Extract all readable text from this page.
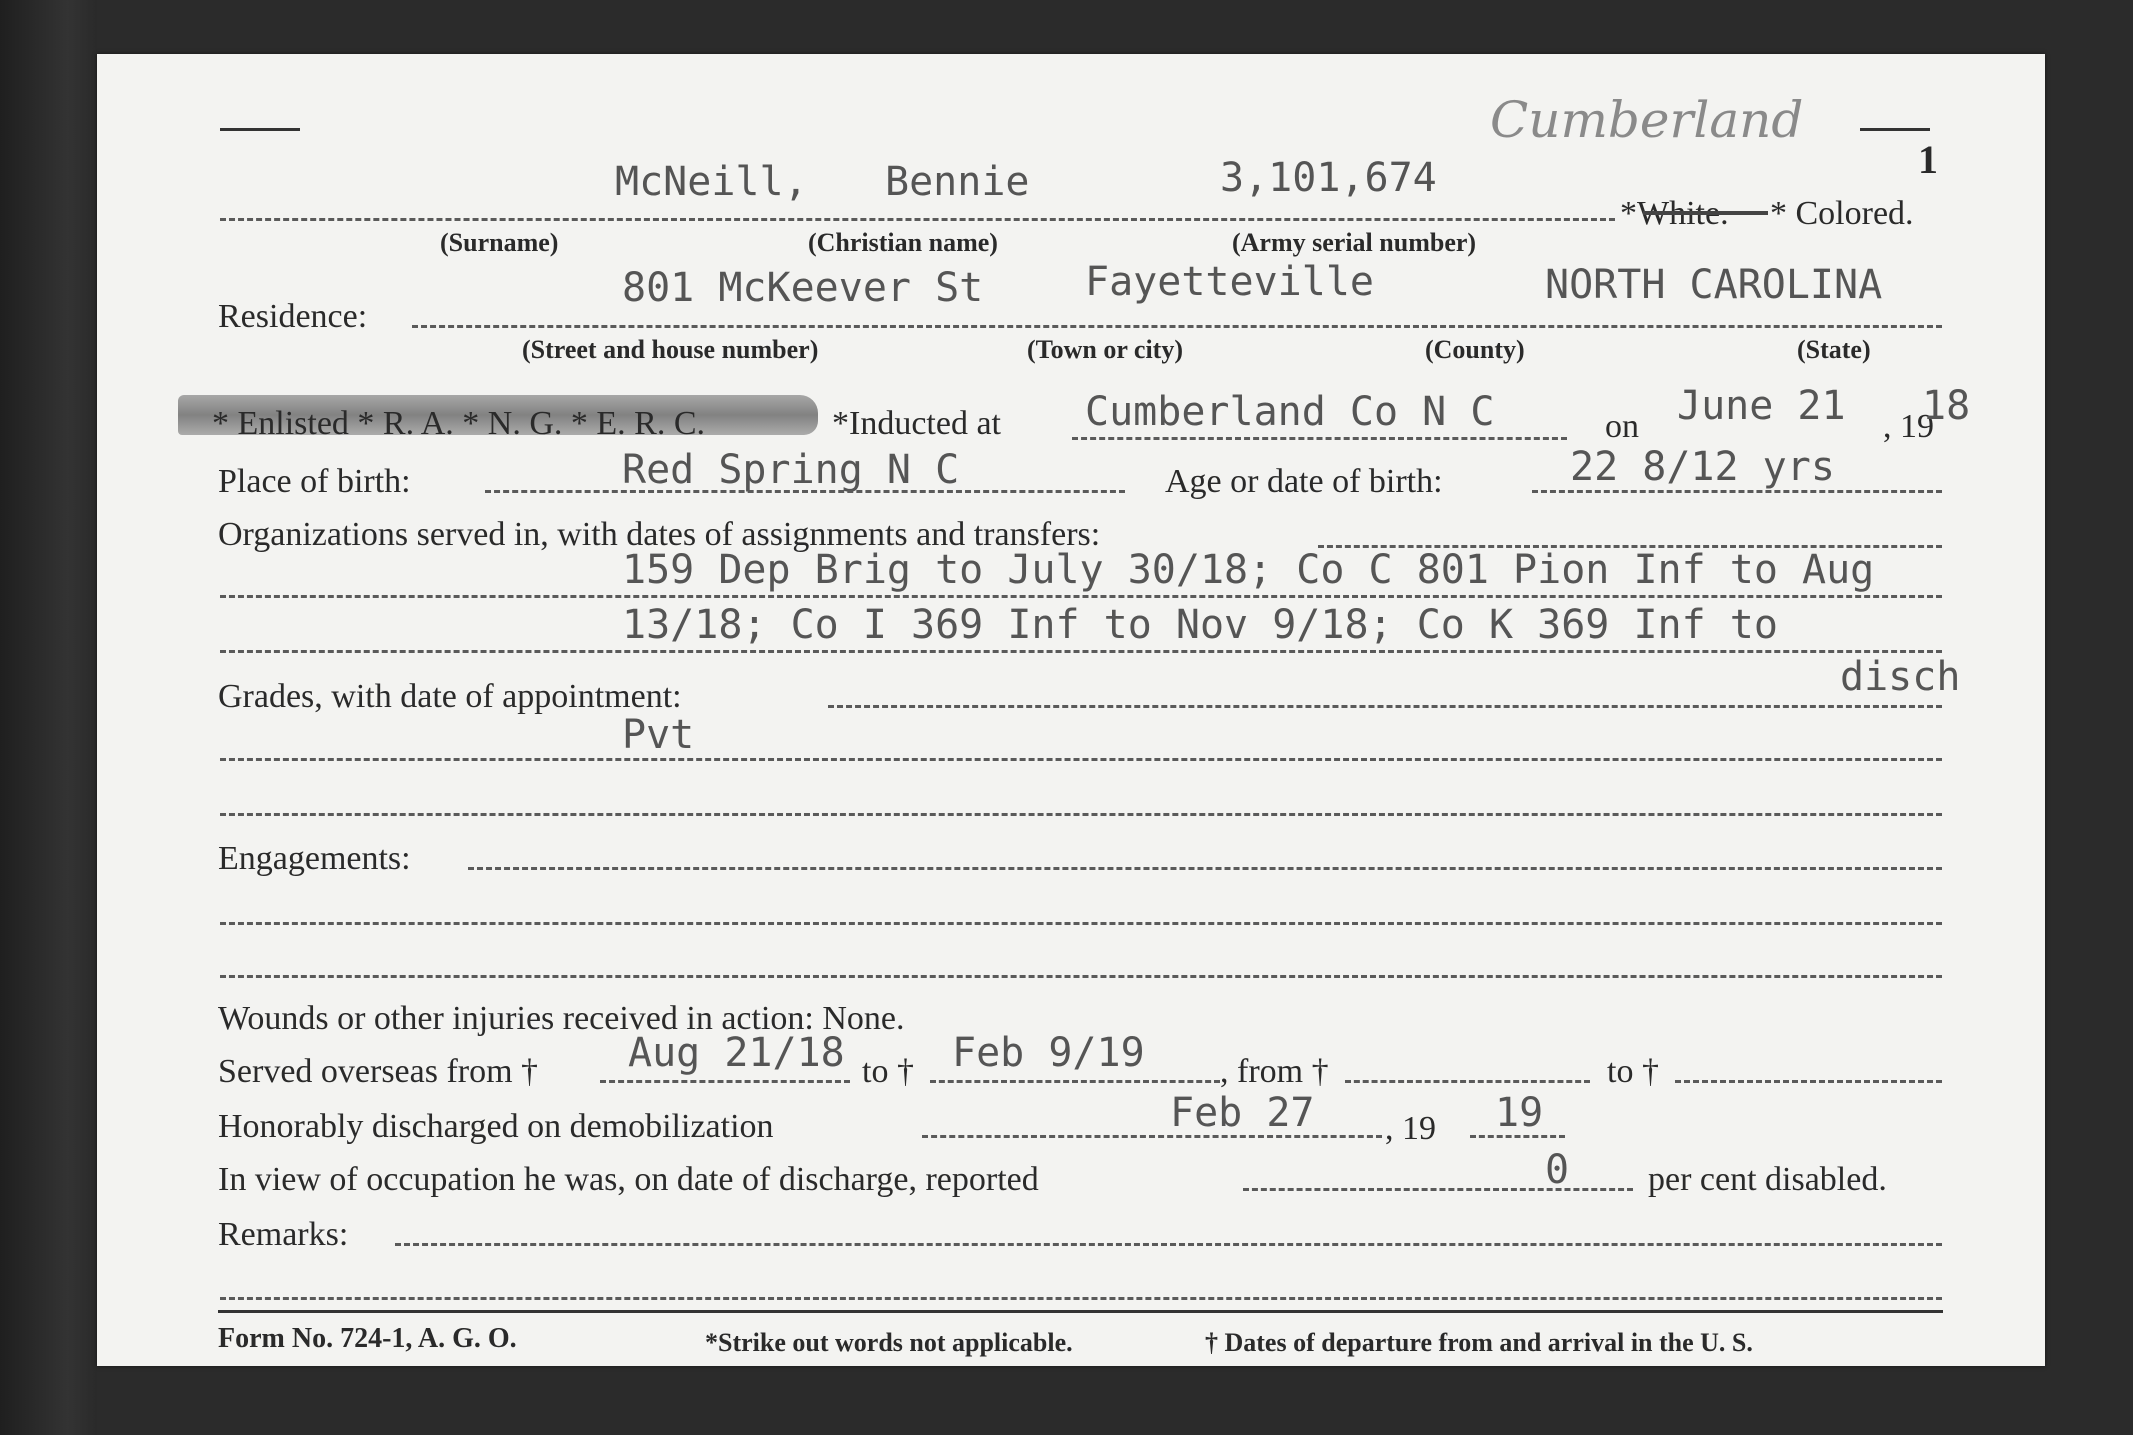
Cumberland
1
McNeill, Bennie	3,101,674
*White. * Colored.
(Surname)	(Christian name)	(Army serial number)
801 McKeever St	Fayetteville	NORTH CAROLINA
Residence:
(Street and house number)	(Town or city)	(County)	(State)
* Enlisted * R. A. * N. G. * E. R. C.	*Inducted at Cumberland Co N C	on June 21 , 19
18
Place of birth:	Red Spring N C	Age or date of birth:	22 8/12 yrs
Organizations served in, with dates of assignments and transfers:
159 Dep Brig to July 30/18; Co C 801 Pion Inf to Aug
13/18; Co I 369 Inf to Nov 9/18; Co K 369 Inf to
disch
Grades, with date of appointment:
Pvt
Engagements:
Wounds or other injuries received in action: None.
Served overseas from † Aug 21/18 to † Feb 9/19 , from †	to †
Honorably discharged on demobilization	Feb 27 , 19 19
In view of occupation he was, on date of discharge, reported	0 per cent disabled.
Remarks:
Form No. 724-1, A. G. O.	*Strike out words not applicable.	† Dates of departure from and arrival in the U. S.
